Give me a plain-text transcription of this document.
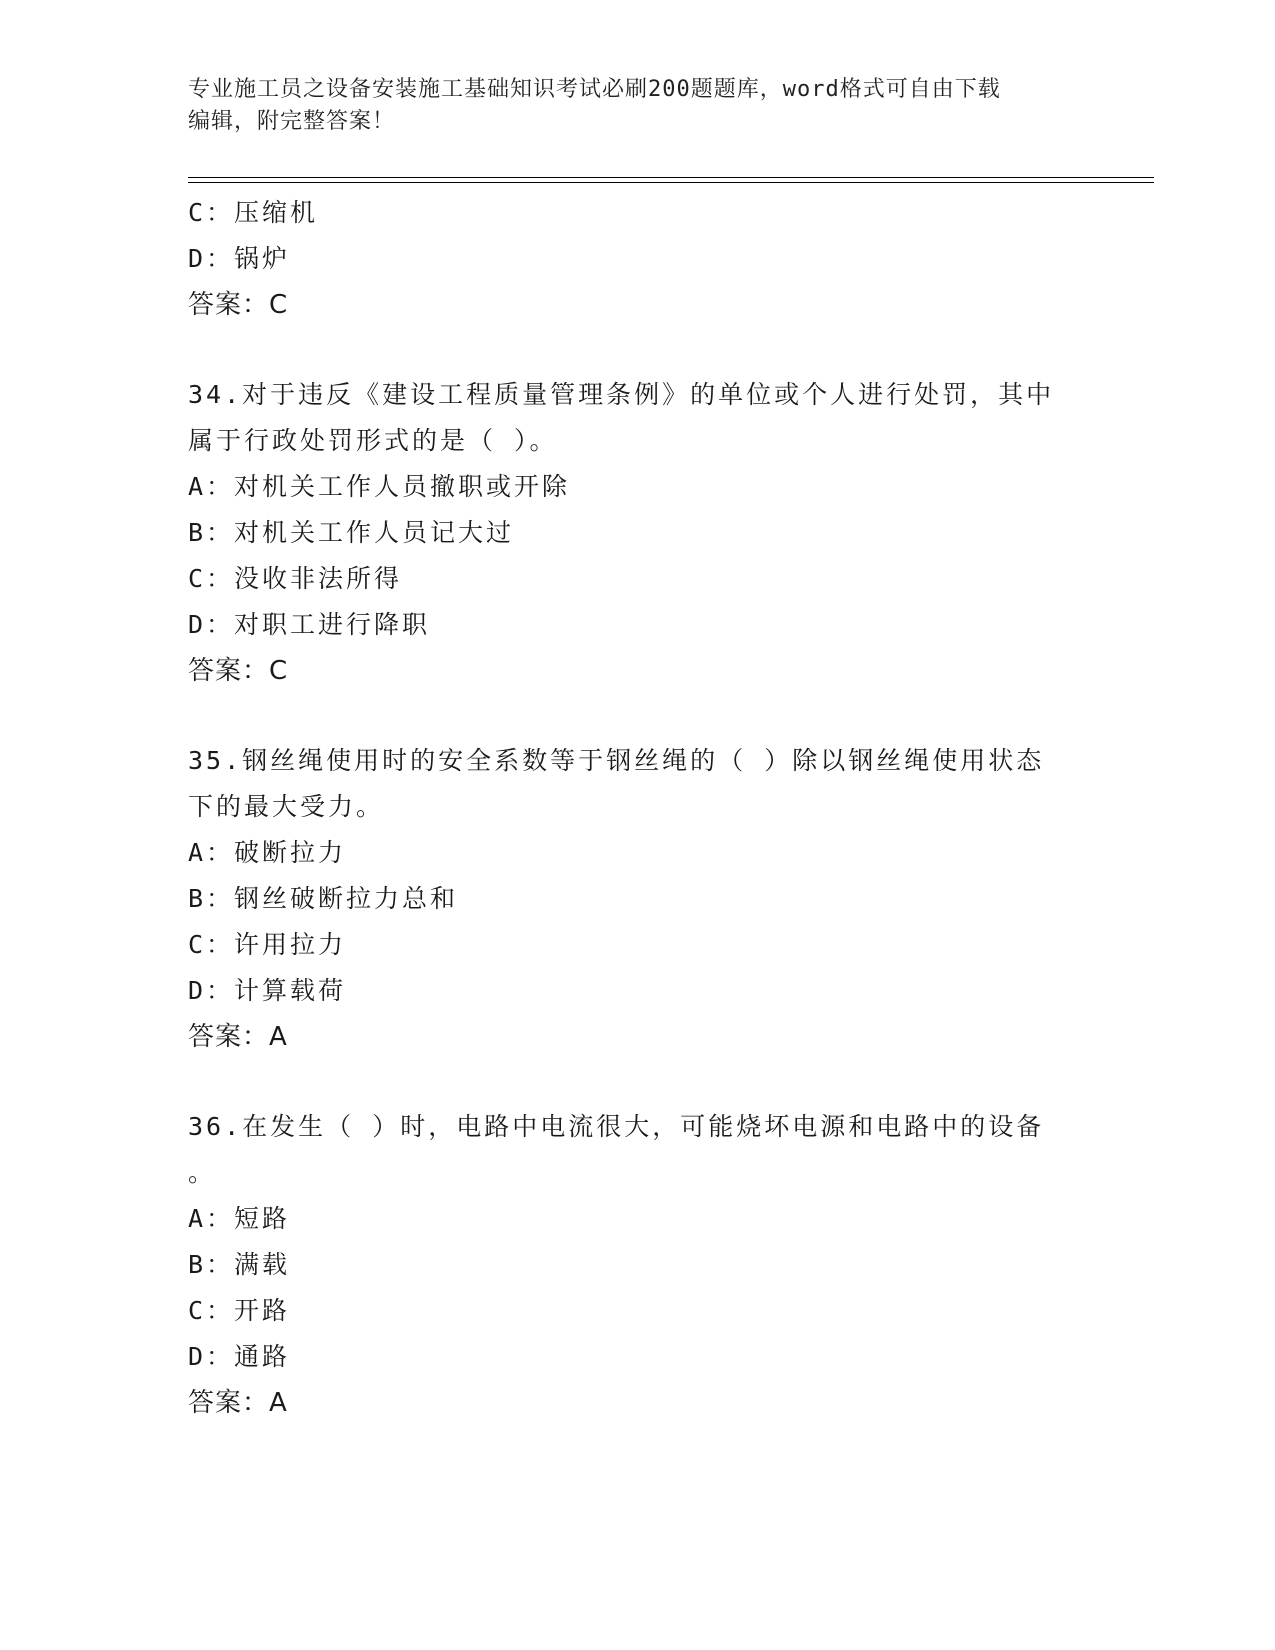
专业施工员之设备安装施工基础知识考试必刷200题题库，word格式可自由下载
编辑，附完整答案！
C：压缩机
D：锅炉
答案：C
34.对于违反《建设工程质量管理条例》的单位或个人进行处罚，其中
属于行政处罚形式的是（ ）。
A：对机关工作人员撤职或开除
B：对机关工作人员记大过
C：没收非法所得
D：对职工进行降职
答案：C
35.钢丝绳使用时的安全系数等于钢丝绳的（ ）除以钢丝绳使用状态
下的最大受力。
A：破断拉力
B：钢丝破断拉力总和
C：许用拉力
D：计算载荷
答案：A
36.在发生（ ）时，电路中电流很大，可能烧坏电源和电路中的设备
。
A：短路
B：满载
C：开路
D：通路
答案：A
